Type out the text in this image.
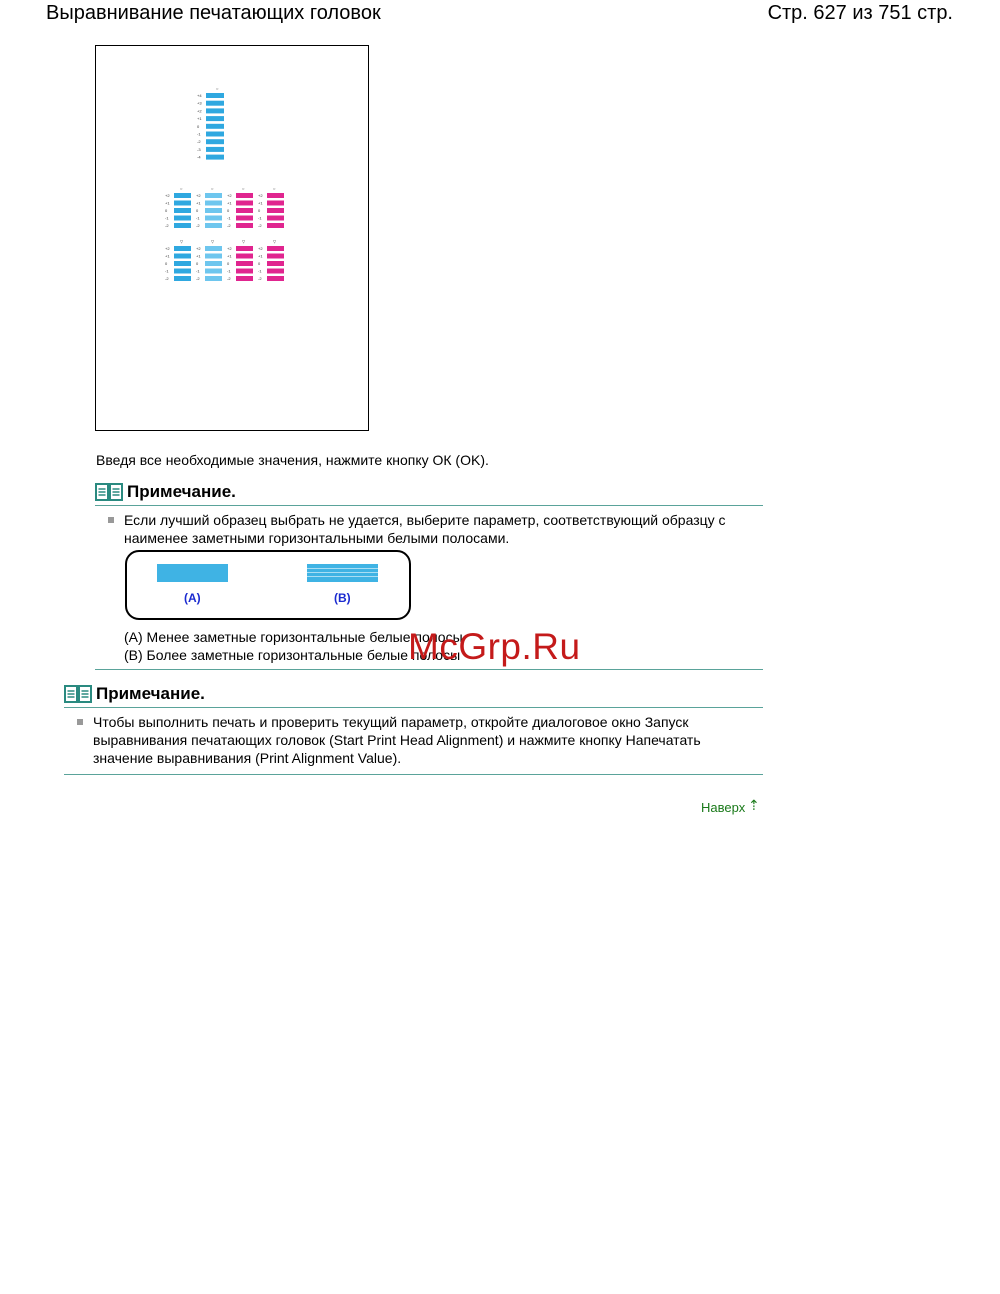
Выравнивание печатающих головок	Стр. 627 из 751 стр.
○
+4
+3
+2
+1
0
-1
-2
-3
-4
○
+2
+1
0
-1
-2
○
+2
+1
0
-1
-2
○
+2
+1
0
-1
-2
○
+2
+1
0
-1
-2
▽
+2
+1
0
-1
-2
▽
+2
+1
0
-1
-2
▽
+2
+1
0
-1
-2
▽
+2
+1
0
-1
-2
Введя все необходимые значения, нажмите кнопку ОК (OK).
Примечание.
Если лучший образец выбрать не удается, выберите параметр, соответствующий образцу с наименее заметными горизонтальными белыми полосами.
(A)	(B)
(A) Менее заметные горизонтальные белые полосы
(B) Более заметные горизонтальные белые полосы
McGrp.Ru
Примечание.
Чтобы выполнить печать и проверить текущий параметр, откройте диалоговое окно Запуск выравнивания печатающих головок (Start Print Head Alignment) и нажмите кнопку Напечатать значение выравнивания (Print Alignment Value).
Наверх ⇡
